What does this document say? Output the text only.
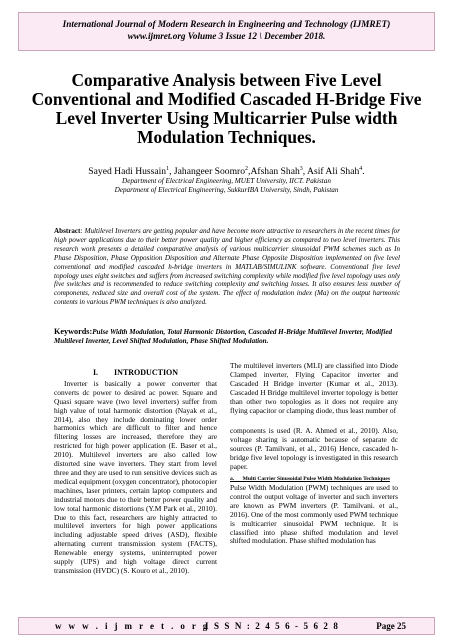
International Journal of Modern Research in Engineering and Technology (IJMRET)
www.ijmret.org Volume 3 Issue 12 \ December 2018.
Comparative Analysis between Five Level Conventional and Modified Cascaded H-Bridge Five Level Inverter Using Multicarrier Pulse width Modulation Techniques.
Sayed Hadi Hussain$^1$, Jahangeer Soomro$^2$,Afshan Shah$^3$, Asif Ali Shah$^4$.
Department of Electrical Engineering, MUET University, IICT. Pakistan
Department of Electrical Engineering, SukkurIBA University, Sindh, Pakistan
Abstract: Multilevel Inverters are getting popular and have become more attractive to researchers in the recent times for high power applications due to their better power quality and higher efficiency as compared to two level inverters. This research work presents a detailed comparative analysis of various multicarrier sinusoidal PWM schemes such as In Phase Disposition, Phase Opposition Disposition and Alternate Phase Opposite Disposition implemented on five level conventional and modified cascaded h-bridge inverters in MATLAB/SIMULINK software. Conventional five level topology uses eight switches and suffers from increased switching complexity while modified five level topology uses only five switches and is recommended to reduce switching complexity and switching losses. It also ensures less number of components, reduced size and overall cost of the system. The effect of modulation index (Ma) on the output harmonic contents in various PWM techniques is also analyzed.
Keywords:Pulse Width Modulation, Total Harmonic Distortion, Cascaded H-Bridge Multilevel Inverter, Modified Multilevel Inverter, Level Shifted Modulation, Phase Shifted Modulation.
I.        INTRODUCTION

Inverter is basically a power converter that converts dc power to desired ac power. Square and Quasi square wave (two level inverters) suffer from high value of total harmonic distortion (Nayak et al., 2014), also they include dominating lower order harmonics which are difficult to filter and hence filtering losses are increased, therefore they are restricted for high power application (E. Baser et al., 2010). Multilevel inverters are also called low distorted sine wave inverters. They start from level three and they are used to run sensitive devices such as medical equipment (oxygen concentrator), photocopier machines, laser printers, certain laptop computers and industrial motors due to their better power quality and low total harmonic distortions (Y.M Park et al., 2010). Due to this fact, researchers are highly attracted to multilevel inverters for high power applications including adjustable speed drives (ASD), flexible alternating current transmission system (FACTS), Renewable energy systems, uninterrupted power supply (UPS) and high voltage direct current transmission (HVDC) (S. Kouro et al., 2010).

The multilevel inverters (MLI) are classified into Diode Clamped inverter, Flying Capacitor inverter and Cascaded H Bridge inverter (Kumar et al., 2013). Cascaded H Bridge multilevel inverter topology is better than other two topologies as it does not require any flying capacitor or clamping diode, thus least number of

components is used (R. A. Ahmed et al., 2010). Also, voltage sharing is automatic because of separate dc sources (P. Tamilvani, et al., 2016) Hence, cascaded h-bridge five level topology is investigated in this research paper.

a.      Multi Carrier Sinusoidal Pulse Width Modulation Techniques

Pulse Width Modulation (PWM) techniques are used to control the output voltage of inverter and such inverters are known as PWM inverters (P. Tamilvani. et al., 2016). One of the most commonly used PWM technique is multicarrier sinusoidal PWM technique. It is classified into phase shifted modulation and level shifted modulation. Phase shifted modulation has

w w w . i j m r e t . o r g
I S S N : 2 4 5 6 - 5 6 2 8	Page 25
